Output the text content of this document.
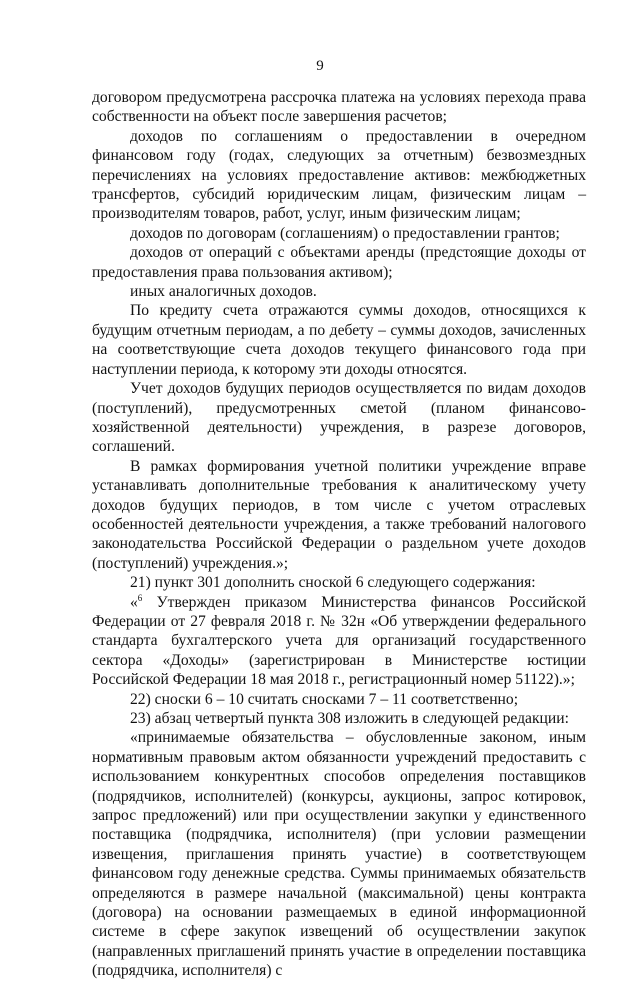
9

договором предусмотрена рассрочка платежа на условиях перехода права собственности на объект после завершения расчетов;

доходов по соглашениям о предоставлении в очередном финансовом году (годах, следующих за отчетным) безвозмездных перечислениях на условиях предоставление активов: межбюджетных трансфертов, субсидий юридическим лицам, физическим лицам – производителям товаров, работ, услуг, иным физическим лицам;

доходов по договорам (соглашениям) о предоставлении грантов;

доходов от операций с объектами аренды (предстоящие доходы от предоставления права пользования активом);

иных аналогичных доходов.

По кредиту счета отражаются суммы доходов, относящихся к будущим отчетным периодам, а по дебету – суммы доходов, зачисленных на соответствующие счета доходов текущего финансового года при наступлении периода, к которому эти доходы относятся.

Учет доходов будущих периодов осуществляется по видам доходов (поступлений), предусмотренных сметой (планом финансово-хозяйственной деятельности) учреждения, в разрезе договоров, соглашений.

В рамках формирования учетной политики учреждение вправе устанавливать дополнительные требования к аналитическому учету доходов будущих периодов, в том числе с учетом отраслевых особенностей деятельности учреждения, а также требований налогового законодательства Российской Федерации о раздельном учете доходов (поступлений) учреждения.»;

21) пункт 301 дополнить сноской 6 следующего содержания:

«$^6$ Утвержден приказом Министерства финансов Российской Федерации от 27 февраля 2018 г. № 32н «Об утверждении федерального стандарта бухгалтерского учета для организаций государственного сектора «Доходы» (зарегистрирован в Министерстве юстиции Российской Федерации 18 мая 2018 г., регистрационный номер 51122).»;

22) сноски 6 – 10 считать сносками 7 – 11 соответственно;

23) абзац четвертый пункта 308 изложить в следующей редакции:

«принимаемые обязательства – обусловленные законом, иным нормативным правовым актом обязанности учреждений предоставить с использованием конкурентных способов определения поставщиков (подрядчиков, исполнителей) (конкурсы, аукционы, запрос котировок, запрос предложений) или при осуществлении закупки у единственного поставщика (подрядчика, исполнителя) (при условии размещении извещения, приглашения принять участие) в соответствующем финансовом году денежные средства. Суммы принимаемых обязательств определяются в размере начальной (максимальной) цены контракта (договора) на основании размещаемых в единой информационной системе в сфере закупок извещений об осуществлении закупок (направленных приглашений принять участие в определении поставщика (подрядчика, исполнителя) с
